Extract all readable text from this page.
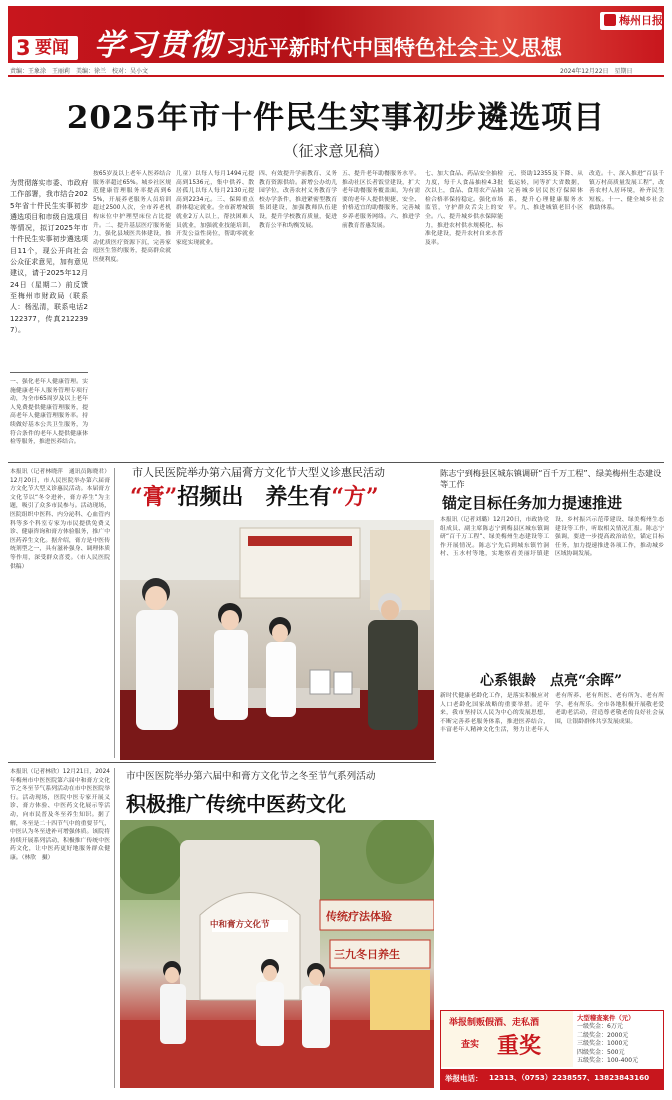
3 要闻 学习贯彻 习近平新时代中国特色社会主义思想
梅州日报
责编：王象涂　王丽莉　美编：徐兰　校对：吴小文	2024年12月22日　星期日
2025年市十件民生实事初步遴选项目
（征求意见稿）
为贯彻落实市委、市政府工作部署，我市结合2025年省十件民生实事初步遴选项目和市级自选项目等情况，拟订2025年市十件民生实事初步遴选项目11个，现公开向社会公众征求意见，加有意见建议，请于2025年12月24日（星期二）前反馈至梅州市财政局（联系人：杨泓清，联系电话2122377，传真2122397）。
一、强化老年人健康管理。实施健康老年人服务管理专项行动，为全市65周岁及以上老年人免费提供健康管理服务，提高老年人健康管理服务率。持续做好基本公共卫生服务，为符合条件的老年人提供健康体检等服务，推进医养结合。
按65岁及以上老年人医养结合服务率超过65%。城乡社区规范健康管理服务率提高到65%，开展养老服务人员培训超过2500人次，全市养老机构床位中护理型床位占比提升。二、提升基层医疗服务能力，强化县域医共体建设，推动优质医疗资源下沉，完善家庭医生签约服务，提高群众就医便利度。
儿童）以每人每月1494元提高到1536元，集中供养、散居孤儿以每人每月2130元提高到2234元。三、保障重点群体稳定就业。全市新增城镇就业2万人以上，帮扶困难人员就业，加强就业技能培训，开发公益性岗位，帮助零就业家庭实现就业。
四、有效提升学前教育、义务教育资源供给。新增公办幼儿园学位，改善农村义务教育学校办学条件，推进紧密型教育集团建设，加强教师队伍建设，提升学校教育质量，促进教育公平和均衡发展。
五、提升老年助餐服务水平。推动社区长者饭堂建设，扩大老年助餐服务覆盖面，为有需要的老年人提供便捷、安全、价格适宜的助餐服务，完善城乡养老服务网络。六、推进学前教育普惠发展。
七、加大食品、药品安全抽检力度，每千人食品抽检4.3批次以上，食品、食用农产品抽检合格率保持稳定。强化市场监管，守护群众舌尖上的安全。八、提升城乡供水保障能力，推进农村供水规模化、标准化建设，提升农村自来水普及率。
元、资助12355及下降、从低运转，同等扩大省数据，完善城乡居民医疗保障体系，提升心理健康服务水平。九、推进城镇老旧小区改造。十、深入推进“百县千镇万村高质量发展工程”，改善农村人居环境，补齐民生短板。十一、健全城乡社会救助体系。
本报讯（记者林晓萍　通讯员陈晓君）12月20日，市人民医院举办第六届膏方文化节大型义诊惠民活动。本届膏方文化节以“冬令进补，膏方养生”为主题，吸引了众多市民参与。活动现场，医院组织中医科、内分泌科、心血管内科等多个科室专家为市民提供免费义诊、健康咨询和膏方体验服务，推广中医药养生文化。据介绍，膏方是中医传统剂型之一，具有滋补强身、调理体质等作用，深受群众喜爱。（市人民医院供稿）
市人民医院举办第六届膏方文化节大型义诊惠民活动
“膏”招频出　养生有“方”
陈志宁到梅县区城东镇调研“百千万工程”、绿美梅州生态建设等工作
锚定目标任务加力提速推进
本报讯（记者刘璐）12月20日，市政协党组成员、副主席陈志宁到梅县区城东镇调研“百千万工程”、绿美梅州生态建设等工作开展情况。陈志宁先后到城东镇竹洞村、玉水村等地，实地察看美丽圩镇建设、乡村振兴示范带建设、绿美梅州生态建设等工作，听取相关情况汇报。陈志宁强调，要进一步提高政治站位，锚定目标任务，加力提速推进各项工作，推动城乡区域协调发展。
心系银龄　点亮“余晖”
新时代健康老龄化工作，是落实积极应对人口老龄化国家战略的重要举措。近年来，我市坚持以人民为中心的发展思想，不断完善养老服务体系，推进医养结合，丰富老年人精神文化生活，努力让老年人老有所养、老有所医、老有所为、老有所学、老有所乐。全市各地积极开展敬老爱老助老活动，营造尊老敬老的良好社会氛围，让银龄群体共享发展成果。
本报讯（记者林欣）12月21日，2024年梅州市中医医院第六届中和膏方文化节之冬至节气系列活动在市中医医院举行。活动现场，医院中医专家开展义诊、膏方体验、中医药文化展示等活动，向市民普及冬至养生知识。据了解，冬至是二十四节气中的重要节气，中医认为冬至进补可增强体质。该院将持续开展系列活动，积极推广传统中医药文化，让中医药更好地服务群众健康。（林欣　摄）
市中医医院举办第六届中和膏方文化节之冬至节气系列活动
积极推广传统中医药文化
中和膏方文化节
传统疗法体验
三九冬日养生
举报制贩假酒、走私酒
查实 重奖
大型稽查案件（元）
一级奖金：6万元
二级奖金：2000元
三级奖金：1000元
四级奖金：500元
五级奖金：100-400元
举报电话： 12313、（0753）2238557、13823843160
